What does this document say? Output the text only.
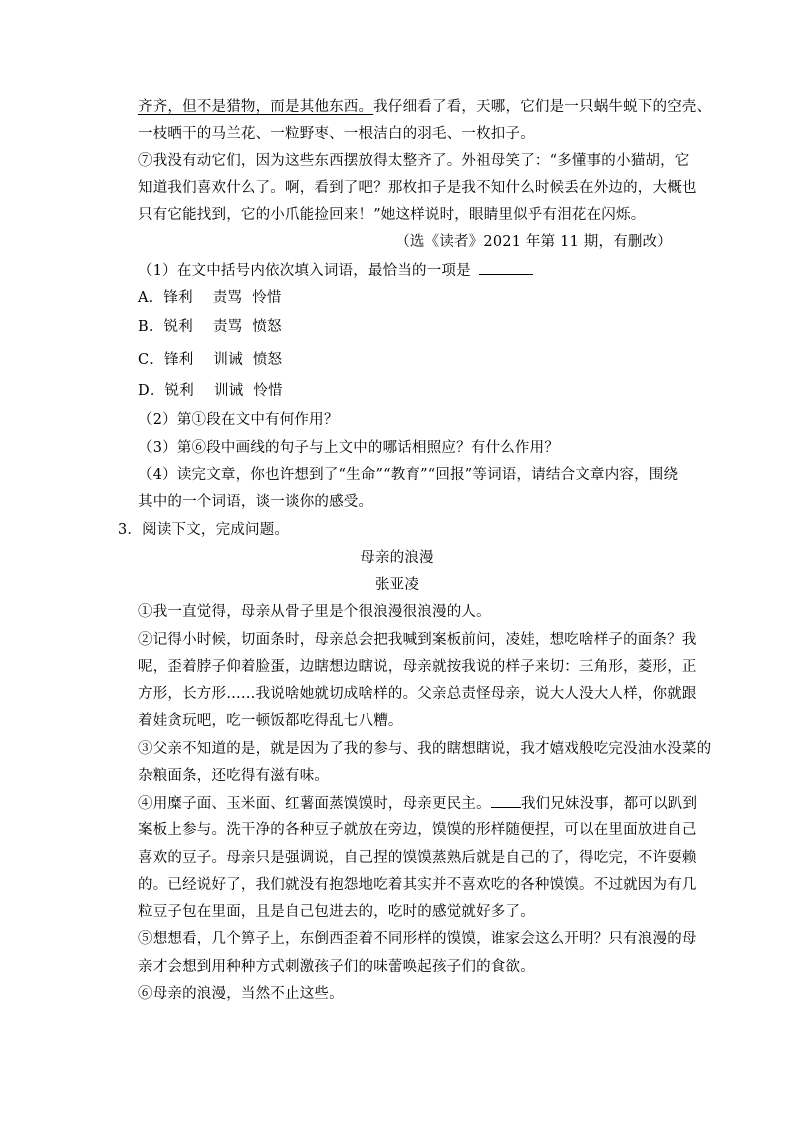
齐齐，但不是猎物，而是其他东西。我仔细看了看，天哪，它们是一只蜗牛蜕下的空壳、
一枝晒干的马兰花、一粒野枣、一根洁白的羽毛、一枚扣子。
⑦我没有动它们，因为这些东西摆放得太整齐了。外祖母笑了：“多懂事的小猫胡，它
知道我们喜欢什么了。啊，看到了吧？那枚扣子是我不知什么时候丢在外边的，大概也
只有它能找到，它的小爪能捡回来！”她这样说时，眼睛里似乎有泪花在闪烁。
（选《读者》2021 年第 11 期，有删改）
（1）在文中括号内依次填入词语，最恰当的一项是
A．锋利 责骂 怜惜
B．锐利 责骂 愤怒
C．锋利 训诫 愤怒
D．锐利 训诫 怜惜
（2）第①段在文中有何作用？
（3）第⑥段中画线的句子与上文中的哪话相照应？有什么作用？
（4）读完文章，你也许想到了“生命”“教育”“回报”等词语，请结合文章内容，围绕
其中的一个词语，谈一谈你的感受。
3．阅读下文，完成问题。
母亲的浪漫
张亚凌
①我一直觉得，母亲从骨子里是个很浪漫很浪漫的人。
②记得小时候，切面条时，母亲总会把我喊到案板前问，凌娃，想吃啥样子的面条？我
呢，歪着脖子仰着脸蛋，边瞎想边瞎说，母亲就按我说的样子来切：三角形，菱形，正
方形，长方形……我说啥她就切成啥样的。父亲总责怪母亲，说大人没大人样，你就跟
着娃贪玩吧，吃一顿饭都吃得乱七八糟。
③父亲不知道的是，就是因为了我的参与、我的瞎想瞎说，我才嬉戏般吃完没油水没菜的
杂粮面条，还吃得有滋有味。
④用糜子面、玉米面、红薯面蒸馍馍时，母亲更民主。 我们兄妹没事，都可以趴到
案板上参与。洗干净的各种豆子就放在旁边，馍馍的形样随便捏，可以在里面放进自己
喜欢的豆子。母亲只是强调说，自己捏的馍馍蒸熟后就是自己的了，得吃完，不许耍赖
的。已经说好了，我们就没有抱怨地吃着其实并不喜欢吃的各种馍馍。不过就因为有几
粒豆子包在里面，且是自己包进去的，吃时的感觉就好多了。
⑤想想看，几个箅子上，东倒西歪着不同形样的馍馍，谁家会这么开明？只有浪漫的母
亲才会想到用种种方式刺激孩子们的味蕾唤起孩子们的食欲。
⑥母亲的浪漫，当然不止这些。
